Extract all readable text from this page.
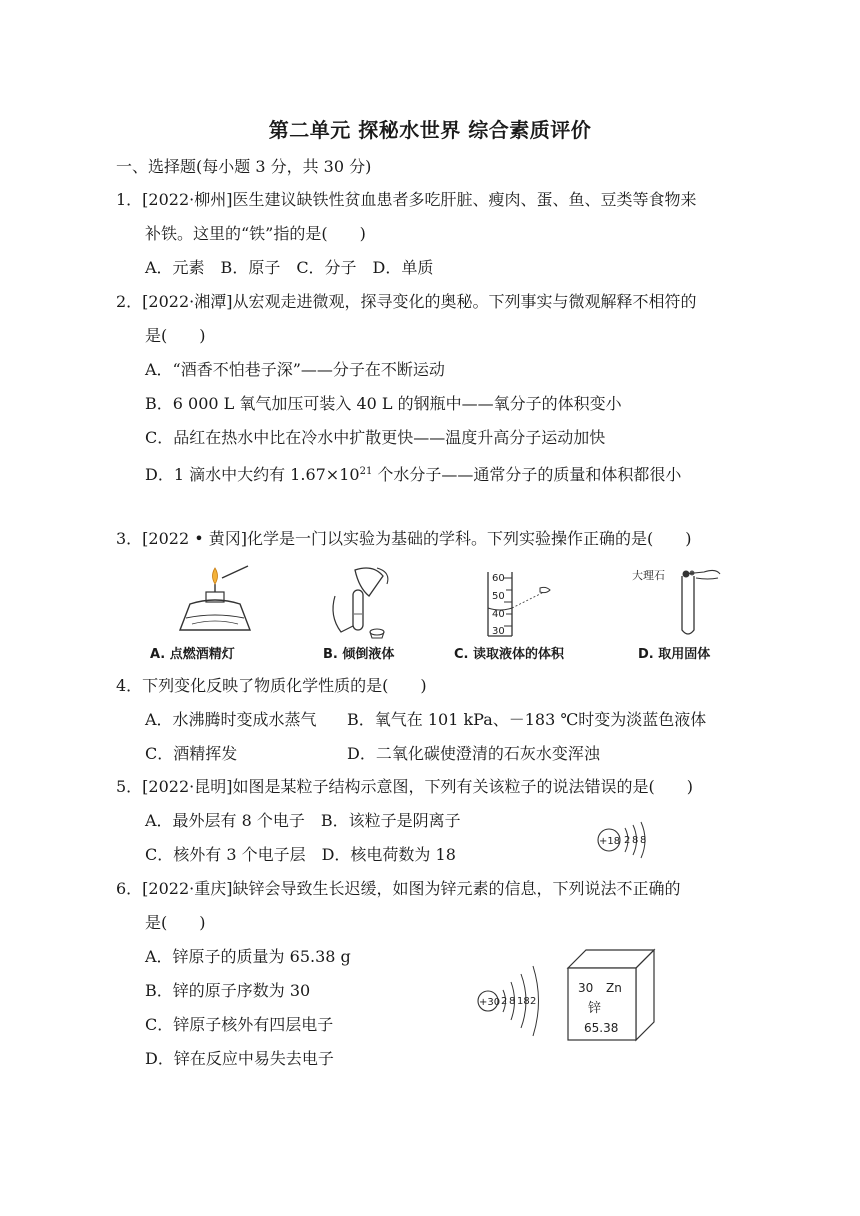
第二单元 探秘水世界 综合素质评价
一、选择题(每小题 3 分，共 30 分)
1．[2022·柳州]医生建议缺铁性贫血患者多吃肝脏、瘦肉、蛋、鱼、豆类等食物来
补铁。这里的“铁”指的是(　　)
A．元素　B．原子　C．分子　D．单质
2．[2022·湘潭]从宏观走进微观，探寻变化的奥秘。下列事实与微观解释不相符的
是(　　)
A．“酒香不怕巷子深”——分子在不断运动
B．6 000 L 氧气加压可装入 40 L 的钢瓶中——氧分子的体积变小
C．品红在热水中比在冷水中扩散更快——温度升高分子运动加快
D．1 滴水中大约有 $1.67\times 10^{21}$ 个水分子——通常分子的质量和体积都很小
3．[2022 • 黄冈]化学是一门以实验为基础的学科。下列实验操作正确的是(　　)
A. 点燃酒精灯	B. 倾倒液体
60
50
40
30
C. 读取液体的体积
大理石
D. 取用固体
4．下列变化反映了物质化学性质的是(　　)
A．水沸腾时变成水蒸气 B．氧气在 101 kPa、－183 ℃时变为淡蓝色液体
C．酒精挥发	D．二氧化碳使澄清的石灰水变浑浊
5．[2022·昆明]如图是某粒子结构示意图，下列有关该粒子的说法错误的是(　　)
A．最外层有 8 个电子　B．该粒子是阴离子
C．核外有 3 个电子层　D．核电荷数为 18
+18 2 8 8
6．[2022·重庆]缺锌会导致生长迟缓，如图为锌元素的信息，下列说法不正确的
是(　　)
A．锌原子的质量为 65.38 g
B．锌的原子序数为 30
C．锌原子核外有四层电子
D．锌在反应中易失去电子
+30 2 8 18 2
30 Zn
锌
65.38
